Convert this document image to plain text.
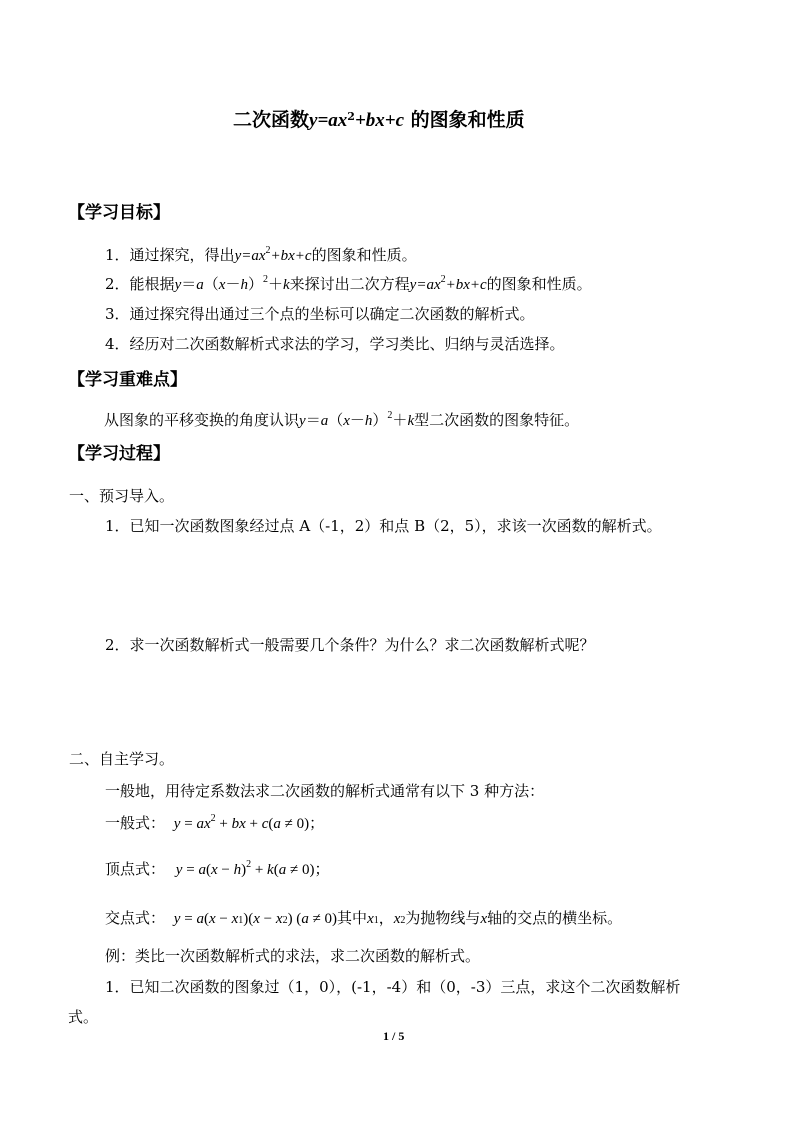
二次函数$y=ax^2+bx+c$ 的图象和性质
【学习目标】
1．通过探究，得出$y=ax^2+bx+c$的图象和性质。
2．能根据$y=a(x-h)^2+k$来探讨出二次方程$y=ax^2+bx+c$的图象和性质。
3．通过探究得出通过三个点的坐标可以确定二次函数的解析式。
4．经历对二次函数解析式求法的学习，学习类比、归纳与灵活选择。
【学习重难点】
从图象的平移变换的角度认识$y=a(x-h)^2+k$型二次函数的图象特征。
【学习过程】
一、预习导入。
1．已知一次函数图象经过点 A（-1，2）和点 B（2，5），求该一次函数的解析式。
2．求一次函数解析式一般需要几个条件？为什么？求二次函数解析式呢？
二、自主学习。
一般地，用待定系数法求二次函数的解析式通常有以下 3 种方法：
一般式： $y = ax^2$ + bx + c(a ≠ 0)；
顶点式： $y = a(x - h)^2 + k(a \ne 0)$；
交点式： $y = a(x - x_1)(x - x_2)$ (a ≠ 0)其中$x_1$，$x_2$为抛物线与x轴的交点的横坐标。
例：类比一次函数解析式的求法，求二次函数的解析式。
1．已知二次函数的图象过（1，0），(-1，-4）和（0，-3）三点，求这个二次函数解析
式。
1 / 5
